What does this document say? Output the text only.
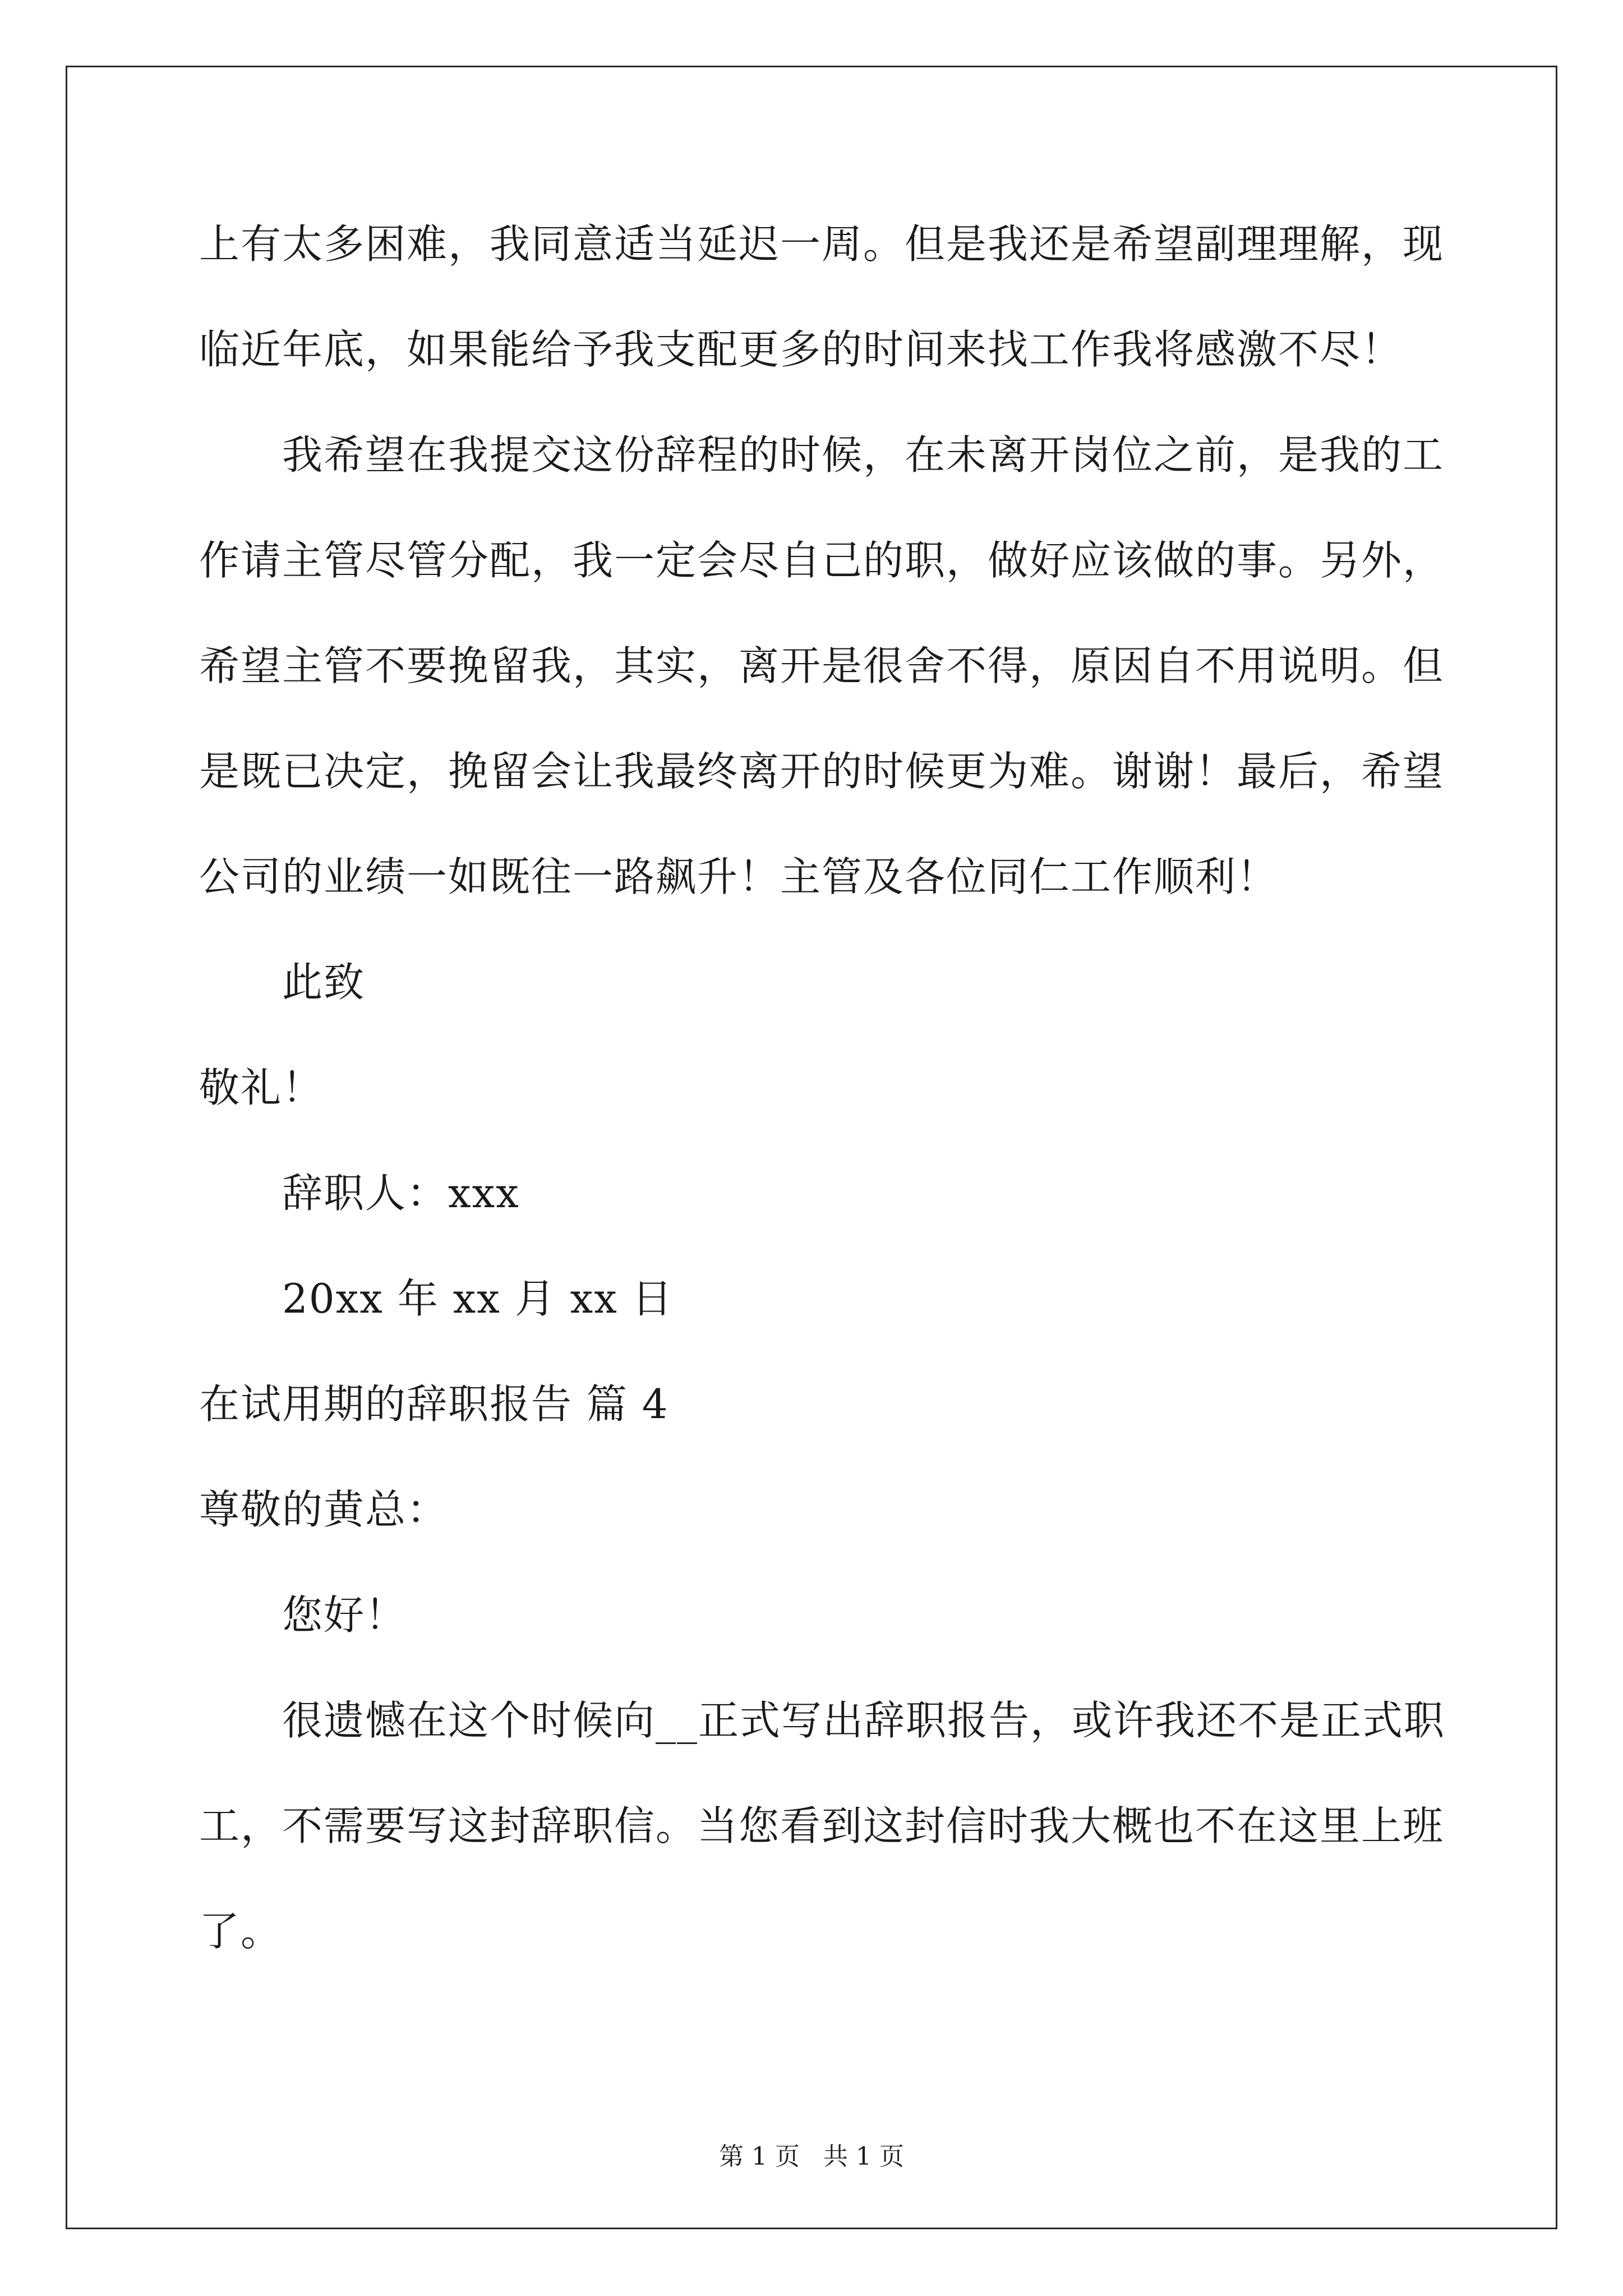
上有太多困难，我同意适当延迟一周。但是我还是希望副理理解，现
临近年底，如果能给予我支配更多的时间来找工作我将感激不尽！
我希望在我提交这份辞程的时候，在未离开岗位之前，是我的工
作请主管尽管分配，我一定会尽自己的职，做好应该做的事。另外，
希望主管不要挽留我，其实，离开是很舍不得，原因自不用说明。但
是既已决定，挽留会让我最终离开的时候更为难。谢谢！最后，希望
公司的业绩一如既往一路飙升！主管及各位同仁工作顺利！
此致
敬礼！
辞职人：xxx
20xx 年 xx 月 xx 日
在试用期的辞职报告 篇 4
尊敬的黄总：
您好！
很遗憾在这个时候向__正式写出辞职报告，或许我还不是正式职
工，不需要写这封辞职信。当您看到这封信时我大概也不在这里上班
了。
第 1 页 共 1 页
